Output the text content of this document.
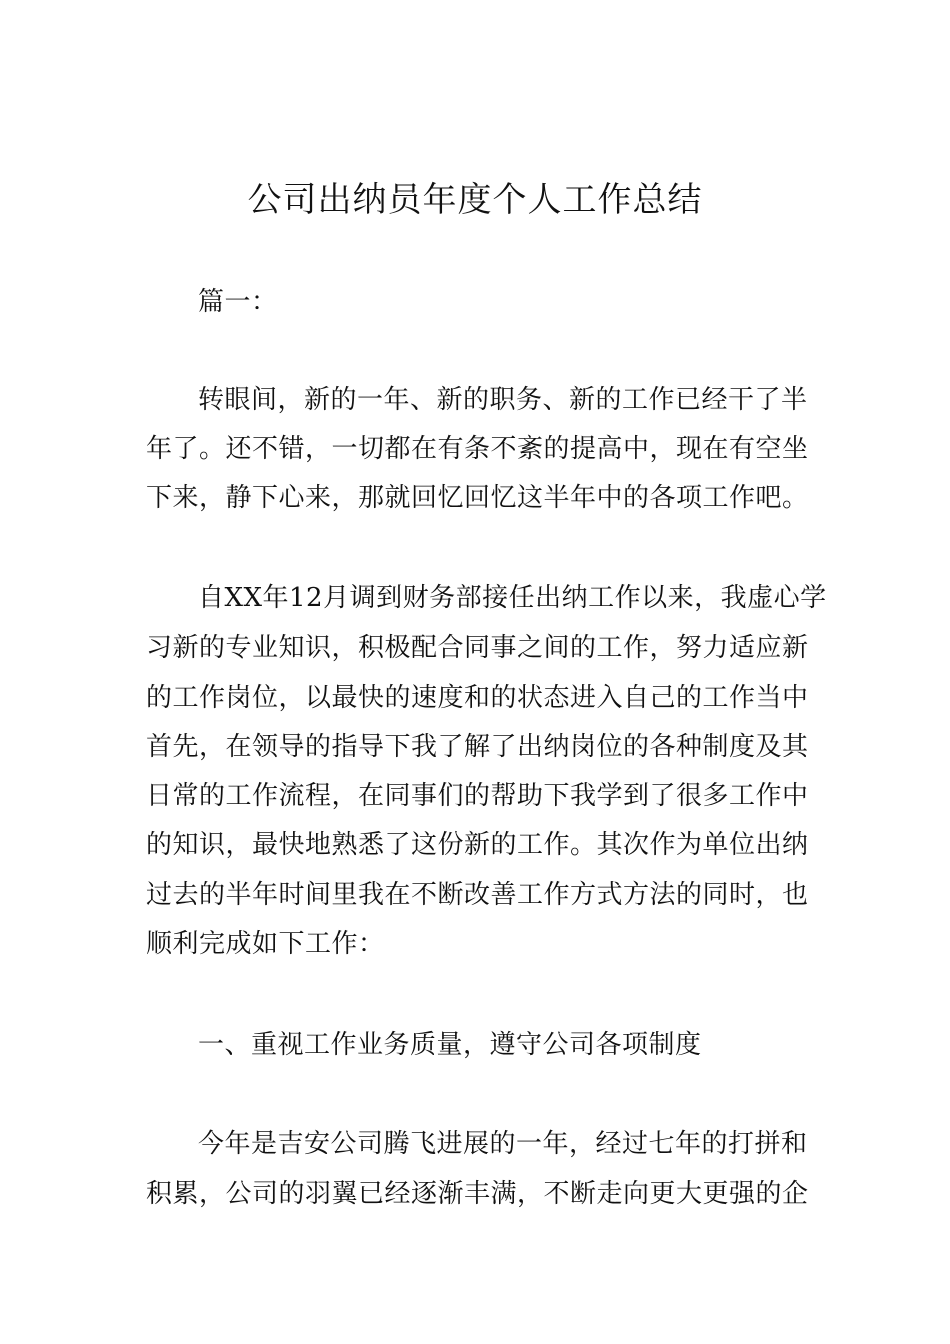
公司出纳员年度个人工作总结
篇一：
转眼间，新的一年、新的职务、新的工作已经干了半
年了。还不错，一切都在有条不紊的提高中，现在有空坐
下来，静下心来，那就回忆回忆这半年中的各项工作吧。
自XX年12月调到财务部接任出纳工作以来，我虚心学
习新的专业知识，积极配合同事之间的工作，努力适应新
的工作岗位，以最快的速度和的状态进入自己的工作当中
首先，在领导的指导下我了解了出纳岗位的各种制度及其
日常的工作流程，在同事们的帮助下我学到了很多工作中
的知识，最快地熟悉了这份新的工作。其次作为单位出纳
过去的半年时间里我在不断改善工作方式方法的同时，也
顺利完成如下工作：
一、重视工作业务质量，遵守公司各项制度
今年是吉安公司腾飞进展的一年，经过七年的打拼和
积累，公司的羽翼已经逐渐丰满，不断走向更大更强的企
